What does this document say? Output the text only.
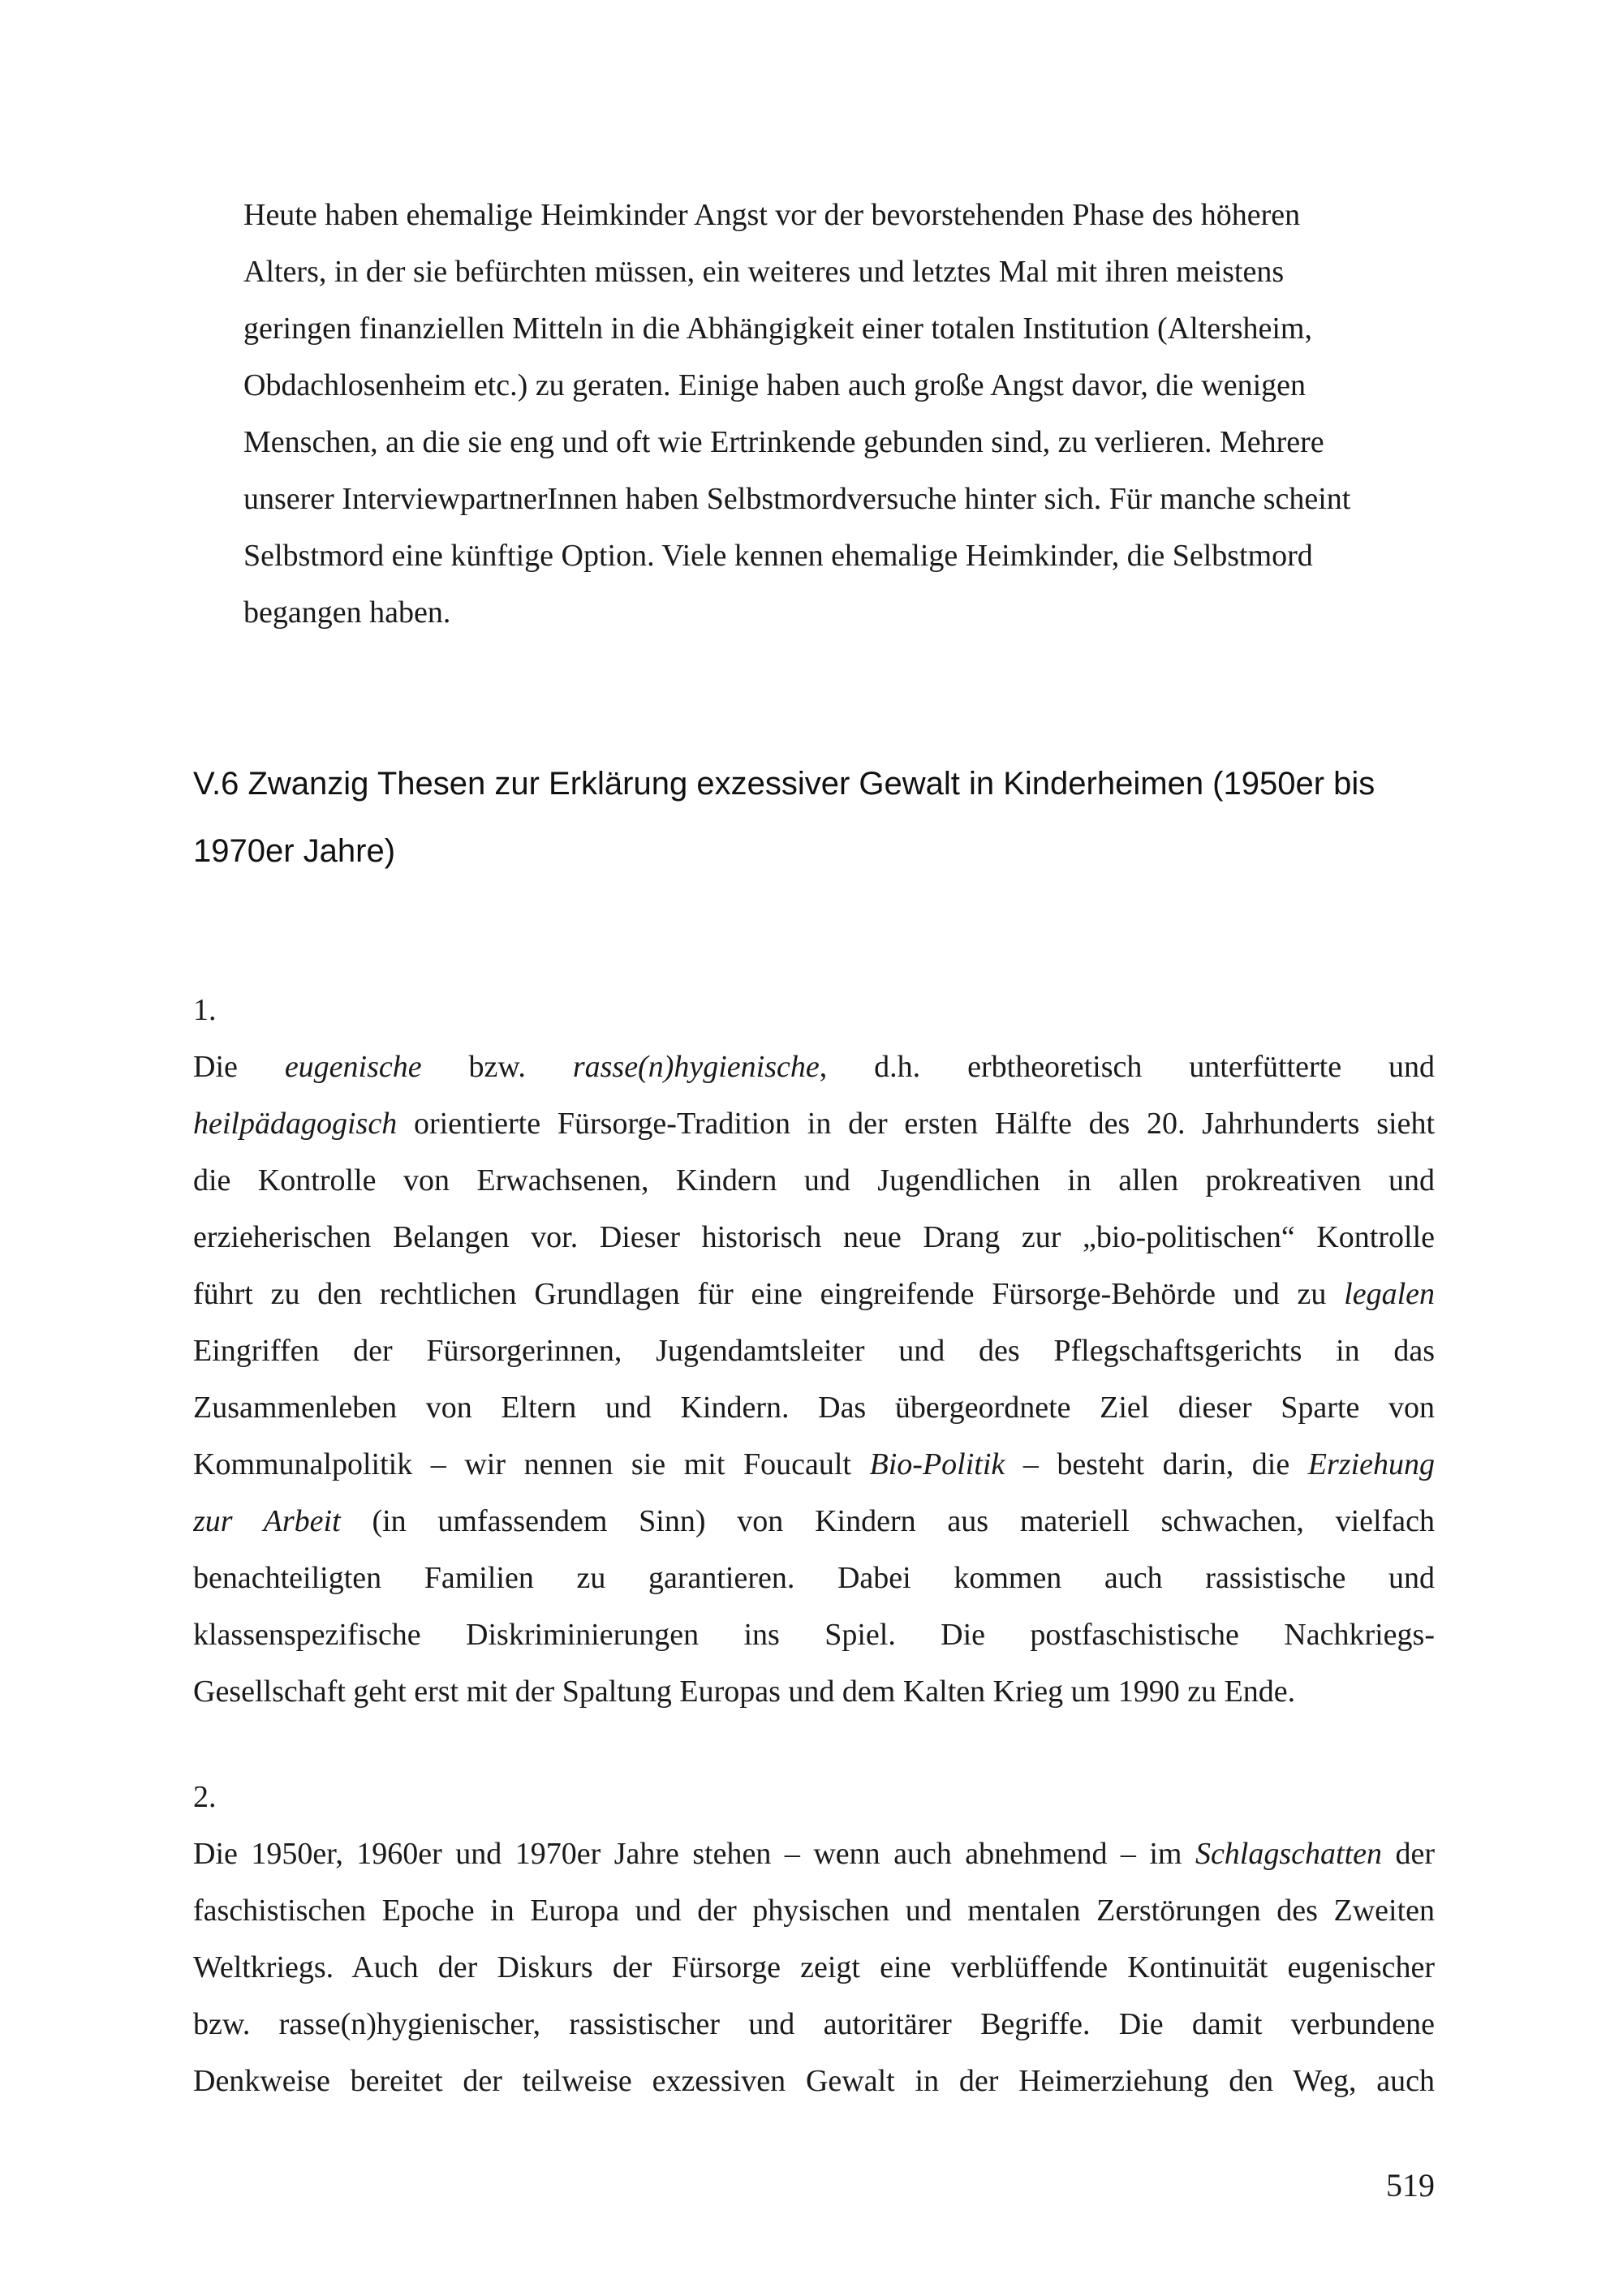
Heute haben ehemalige Heimkinder Angst vor der bevorstehenden Phase des höheren
Alters, in der sie befürchten müssen, ein weiteres und letztes Mal mit ihren meistens
geringen finanziellen Mitteln in die Abhängigkeit einer totalen Institution (Altersheim,
Obdachlosenheim etc.) zu geraten. Einige haben auch große Angst davor, die wenigen
Menschen, an die sie eng und oft wie Ertrinkende gebunden sind, zu verlieren. Mehrere
unserer InterviewpartnerInnen haben Selbstmordversuche hinter sich. Für manche scheint
Selbstmord eine künftige Option. Viele kennen ehemalige Heimkinder, die Selbstmord
begangen haben.
V.6 Zwanzig Thesen zur Erklärung exzessiver Gewalt in Kinderheimen (1950er bis
1970er Jahre)
1.
Die eugenische bzw. rasse(n)hygienische, d.h. erbtheoretisch unterfütterte und
heilpädagogisch orientierte Fürsorge-Tradition in der ersten Hälfte des 20. Jahrhunderts sieht
die Kontrolle von Erwachsenen, Kindern und Jugendlichen in allen prokreativen und
erzieherischen Belangen vor. Dieser historisch neue Drang zur „bio-politischen“ Kontrolle
führt zu den rechtlichen Grundlagen für eine eingreifende Fürsorge-Behörde und zu legalen
Eingriffen der Fürsorgerinnen, Jugendamtsleiter und des Pflegschaftsgerichts in das
Zusammenleben von Eltern und Kindern. Das übergeordnete Ziel dieser Sparte von
Kommunalpolitik – wir nennen sie mit Foucault Bio-Politik – besteht darin, die Erziehung
zur Arbeit (in umfassendem Sinn) von Kindern aus materiell schwachen, vielfach
benachteiligten Familien zu garantieren. Dabei kommen auch rassistische und
klassenspezifische Diskriminierungen ins Spiel. Die postfaschistische Nachkriegs-
Gesellschaft geht erst mit der Spaltung Europas und dem Kalten Krieg um 1990 zu Ende.
2.
Die 1950er, 1960er und 1970er Jahre stehen – wenn auch abnehmend – im Schlagschatten der
faschistischen Epoche in Europa und der physischen und mentalen Zerstörungen des Zweiten
Weltkriegs. Auch der Diskurs der Fürsorge zeigt eine verblüffende Kontinuität eugenischer
bzw. rasse(n)hygienischer, rassistischer und autoritärer Begriffe. Die damit verbundene
Denkweise bereitet der teilweise exzessiven Gewalt in der Heimerziehung den Weg, auch
519
